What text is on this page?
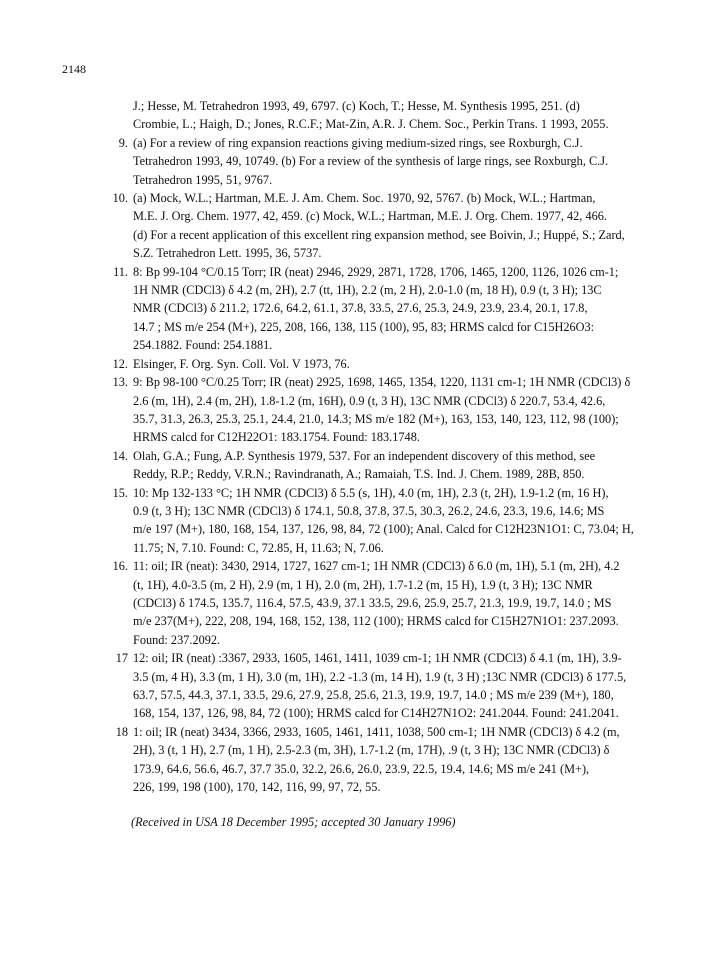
2148
J.; Hesse, M. Tetrahedron 1993, 49, 6797. (c) Koch, T.; Hesse, M. Synthesis 1995, 251. (d)
Crombie, L.; Haigh, D.; Jones, R.C.F.; Mat-Zin, A.R. J. Chem. Soc., Perkin Trans. 1 1993, 2055.
9. (a) For a review of ring expansion reactions giving medium-sized rings, see Roxburgh, C.J.
Tetrahedron 1993, 49, 10749. (b) For a review of the synthesis of large rings, see Roxburgh, C.J.
Tetrahedron 1995, 51, 9767.
10. (a) Mock, W.L.; Hartman, M.E. J. Am. Chem. Soc. 1970, 92, 5767. (b) Mock, W.L.; Hartman,
M.E. J. Org. Chem. 1977, 42, 459. (c) Mock, W.L.; Hartman, M.E. J. Org. Chem. 1977, 42, 466.
(d) For a recent application of this excellent ring expansion method, see Boivin, J.; Huppé, S.; Zard,
S.Z. Tetrahedron Lett. 1995, 36, 5737.
11. 8: Bp 99-104 °C/0.15 Torr; IR (neat) 2946, 2929, 2871, 1728, 1706, 1465, 1200, 1126, 1026 cm-1;
1H NMR (CDCl3) δ 4.2 (m, 2H), 2.7 (tt, 1H), 2.2 (m, 2 H), 2.0-1.0 (m, 18 H), 0.9 (t, 3 H); 13C
NMR (CDCl3) δ 211.2, 172.6, 64.2, 61.1, 37.8, 33.5, 27.6, 25.3, 24.9, 23.9, 23.4, 20.1, 17.8,
14.7 ; MS m/e 254 (M+), 225, 208, 166, 138, 115 (100), 95, 83; HRMS calcd for C15H26O3:
254.1882. Found: 254.1881.
12. Elsinger, F. Org. Syn. Coll. Vol. V 1973, 76.
13. 9: Bp 98-100 °C/0.25 Torr; IR (neat) 2925, 1698, 1465, 1354, 1220, 1131 cm-1; 1H NMR (CDCl3) δ
2.6 (m, 1H), 2.4 (m, 2H), 1.8-1.2 (m, 16H), 0.9 (t, 3 H), 13C NMR (CDCl3) δ 220.7, 53.4, 42.6,
35.7, 31.3, 26.3, 25.3, 25.1, 24.4, 21.0, 14.3; MS m/e 182 (M+), 163, 153, 140, 123, 112, 98 (100);
HRMS calcd for C12H22O1: 183.1754. Found: 183.1748.
14. Olah, G.A.; Fung, A.P. Synthesis 1979, 537. For an independent discovery of this method, see
Reddy, R.P.; Reddy, V.R.N.; Ravindranath, A.; Ramaiah, T.S. Ind. J. Chem. 1989, 28B, 850.
15. 10: Mp 132-133 °C; 1H NMR (CDCl3) δ 5.5 (s, 1H), 4.0 (m, 1H), 2.3 (t, 2H), 1.9-1.2 (m, 16 H),
0.9 (t, 3 H); 13C NMR (CDCl3) δ 174.1, 50.8, 37.8, 37.5, 30.3, 26.2, 24.6, 23.3, 19.6, 14.6; MS
m/e 197 (M+), 180, 168, 154, 137, 126, 98, 84, 72 (100); Anal. Calcd for C12H23N1O1: C, 73.04; H,
11.75; N, 7.10. Found: C, 72.85, H, 11.63; N, 7.06.
16. 11: oil; IR (neat): 3430, 2914, 1727, 1627 cm-1; 1H NMR (CDCl3) δ 6.0 (m, 1H), 5.1 (m, 2H), 4.2
(t, 1H), 4.0-3.5 (m, 2 H), 2.9 (m, 1 H), 2.0 (m, 2H), 1.7-1.2 (m, 15 H), 1.9 (t, 3 H); 13C NMR
(CDCl3) δ 174.5, 135.7, 116.4, 57.5, 43.9, 37.1 33.5, 29.6, 25.9, 25.7, 21.3, 19.9, 19.7, 14.0 ; MS
m/e 237(M+), 222, 208, 194, 168, 152, 138, 112 (100); HRMS calcd for C15H27N1O1: 237.2093.
Found: 237.2092.
17 12: oil; IR (neat) :3367, 2933, 1605, 1461, 1411, 1039 cm-1; 1H NMR (CDCl3) δ 4.1 (m, 1H), 3.9-
3.5 (m, 4 H), 3.3 (m, 1 H), 3.0 (m, 1H), 2.2 -1.3 (m, 14 H), 1.9 (t, 3 H) ;13C NMR (CDCl3) δ 177.5,
63.7, 57.5, 44.3, 37.1, 33.5, 29.6, 27.9, 25.8, 25.6, 21.3, 19.9, 19.7, 14.0 ; MS m/e 239 (M+), 180,
168, 154, 137, 126, 98, 84, 72 (100); HRMS calcd for C14H27N1O2: 241.2044. Found: 241.2041.
18 1: oil; IR (neat) 3434, 3366, 2933, 1605, 1461, 1411, 1038, 500 cm-1; 1H NMR (CDCl3) δ 4.2 (m,
2H), 3 (t, 1 H), 2.7 (m, 1 H), 2.5-2.3 (m, 3H), 1.7-1.2 (m, 17H), .9 (t, 3 H); 13C NMR (CDCl3) δ
173.9, 64.6, 56.6, 46.7, 37.7 35.0, 32.2, 26.6, 26.0, 23.9, 22.5, 19.4, 14.6; MS m/e 241 (M+),
226, 199, 198 (100), 170, 142, 116, 99, 97, 72, 55.
(Received in USA 18 December 1995; accepted 30 January 1996)
